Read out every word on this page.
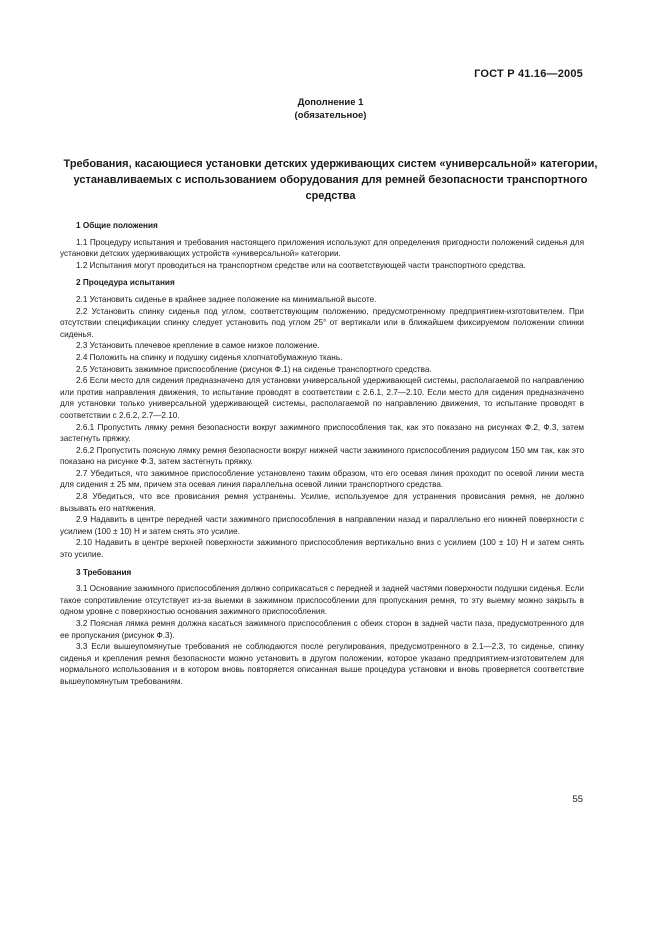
ГОСТ Р 41.16—2005
Дополнение 1
(обязательное)
Требования, касающиеся установки детских удерживающих систем «универсальной» категории, устанавливаемых с использованием оборудования для ремней безопасности транспортного средства
1 Общие положения

1.1 Процедуру испытания и требования настоящего приложения используют для определения пригодности положений сиденья для установки детских удерживающих устройств «универсальной» категории.

1.2 Испытания могут проводиться на транспортном средстве или на соответствующей части транспортного средства.

2 Процедура испытания

2.1 Установить сиденье в крайнее заднее положение на минимальной высоте.

2.2 Установить спинку сиденья под углом, соответствующим положению, предусмотренному предприятием-изготовителем. При отсутствии спецификации спинку следует установить под углом 25° от вертикали или в ближайшем фиксируемом положении спинки сиденья.

2.3 Установить плечевое крепление в самое низкое положение.

2.4 Положить на спинку и подушку сиденья хлопчатобумажную ткань.

2.5 Установить зажимное приспособление (рисунок Ф.1) на сиденье транспортного средства.

2.6 Если место для сидения предназначено для установки универсальной удерживающей системы, располагаемой по направлению или против направления движения, то испытание проводят в соответствии с 2.6.1, 2.7—2.10. Если место для сидения предназначено для установки только универсальной удерживающей системы, располагаемой по направлению движения, то испытание проводят в соответствии с 2.6.2, 2.7—2.10.

2.6.1 Пропустить лямку ремня безопасности вокруг зажимного приспособления так, как это показано на рисунках Ф.2, Ф.3, затем застегнуть пряжку.

2.6.2 Пропустить поясную лямку ремня безопасности вокруг нижней части зажимного приспособления радиусом 150 мм так, как это показано на рисунке Ф.3, затем застегнуть пряжку.

2.7 Убедиться, что зажимное приспособление установлено таким образом, что его осевая линия проходит по осевой линии места для сидения ± 25 мм, причем эта осевая линия параллельна осевой линии транспортного средства.

2.8 Убедиться, что все провисания ремня устранены. Усилие, используемое для устранения провисания ремня, не должно вызывать его натяжения.

2.9 Надавить в центре передней части зажимного приспособления в направлении назад и параллельно его нижней поверхности с усилием (100 ± 10) Н и затем снять это усилие.

2.10 Надавить в центре верхней поверхности зажимного приспособления вертикально вниз с усилием (100 ± 10) Н и затем снять это усилие.

3 Требования

3.1 Основание зажимного приспособления должно соприкасаться с передней и задней частями поверхности подушки сиденья. Если такое сопротивление отсутствует из-за выемки в зажимном приспособлении для пропускания ремня, то эту выемку можно закрыть в одном уровне с поверхностью основания зажимного приспособления.

3.2 Поясная лямка ремня должна касаться зажимного приспособления с обеих сторон в задней части паза, предусмотренного для ее пропускания (рисунок Ф.3).

3.3 Если вышеупомянутые требования не соблюдаются после регулирования, предусмотренного в 2.1—2.3, то сиденье, спинку сиденья и крепления ремня безопасности можно установить в другом положении, которое указано предприятием-изготовителем для нормального использования и в котором вновь повторяется описанная выше процедура установки и вновь проверяется соответствие вышеупомянутым требованиям.

55
